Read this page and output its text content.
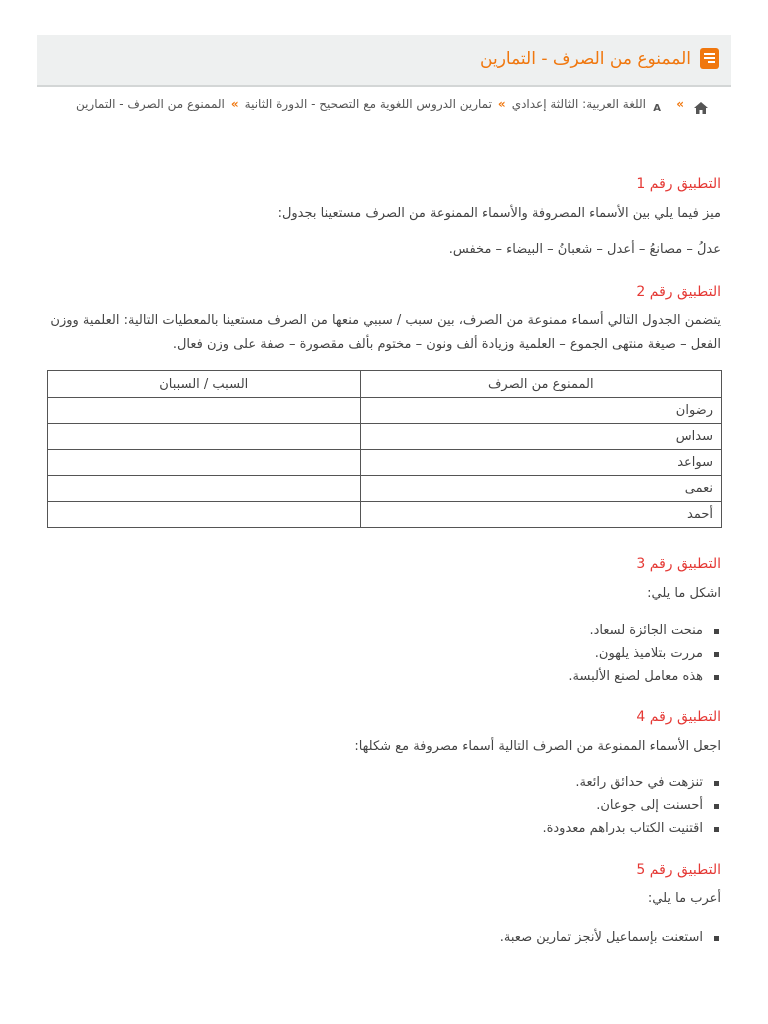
الممنوع من الصرف - التمارين
»
A
اللغة العربية: الثالثة إعدادي
»
تمارين الدروس اللغوية مع التصحيح - الدورة الثانية
»
الممنوع من الصرف - التمارين
التطبيق رقم 1
ميز فيما يلي بين الأسماء المصروفة والأسماء الممنوعة من الصرف مستعينا بجدول:
عدلُ – مصانعُ – أعدل – شعبانُ – البيضاء – مخفس.
التطبيق رقم 2
يتضمن الجدول التالي أسماء ممنوعة من الصرف، بين سبب / سببي منعها من الصرف مستعينا بالمعطيات التالية: العلمية ووزن الفعل – صيغة منتهى الجموع – العلمية وزيادة ألف ونون – مختوم بألف مقصورة – صفة على وزن فعال.
الممنوع من الصرف	السبب / السببان
رضوان	
سداس	
سواعد	
نعمى	
أحمد	
التطبيق رقم 3
اشكل ما يلي:
منحت الجائزة لسعاد.
مررت بتلاميذ يلهون.
هذه معامل لصنع الألبسة.
التطبيق رقم 4
اجعل الأسماء الممنوعة من الصرف التالية أسماء مصروفة مع شكلها:
تنزهت في حدائق رائعة.
أحسنت إلى جوعان.
اقتنيت الكتاب بدراهم معدودة.
التطبيق رقم 5
أعرب ما يلي:
استعنت بإسماعيل لأنجز تمارين صعبة.
